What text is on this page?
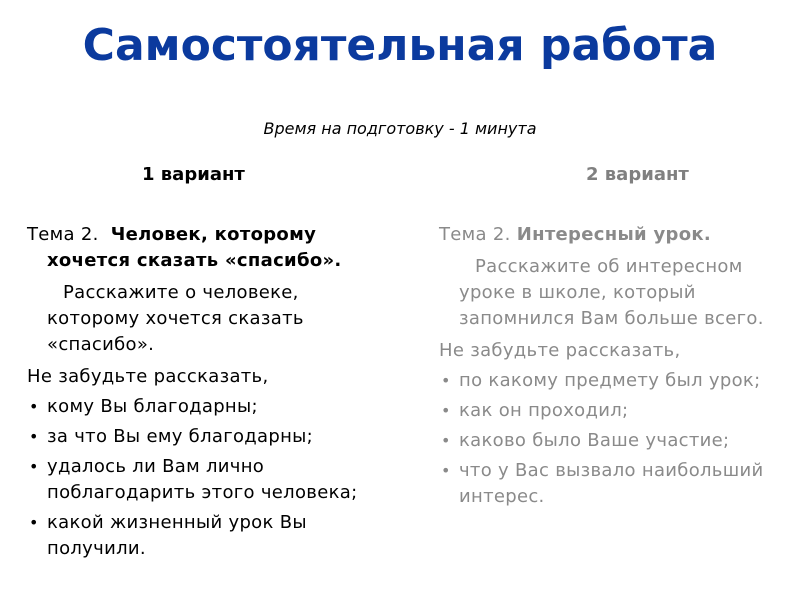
Самостоятельная работа
Время на подготовку - 1 минута
1 вариант	2 вариант

Тема 2. Человек, которому хочется сказать «спасибо».

Расскажите о человеке, которому хочется сказать «спасибо».

Не забудьте рассказать,

• кому Вы благодарны;
• за что Вы ему благодарны;
• удалось ли Вам лично поблагодарить этого человека;
• какой жизненный урок Вы получили.

Тема 2. Интересный урок.

Расскажите об интересном уроке в школе, который запомнился Вам больше всего.

Не забудьте рассказать,

• по какому предмету был урок;
• как он проходил;
• каково было Ваше участие;
• что у Вас вызвало наибольший интерес.
